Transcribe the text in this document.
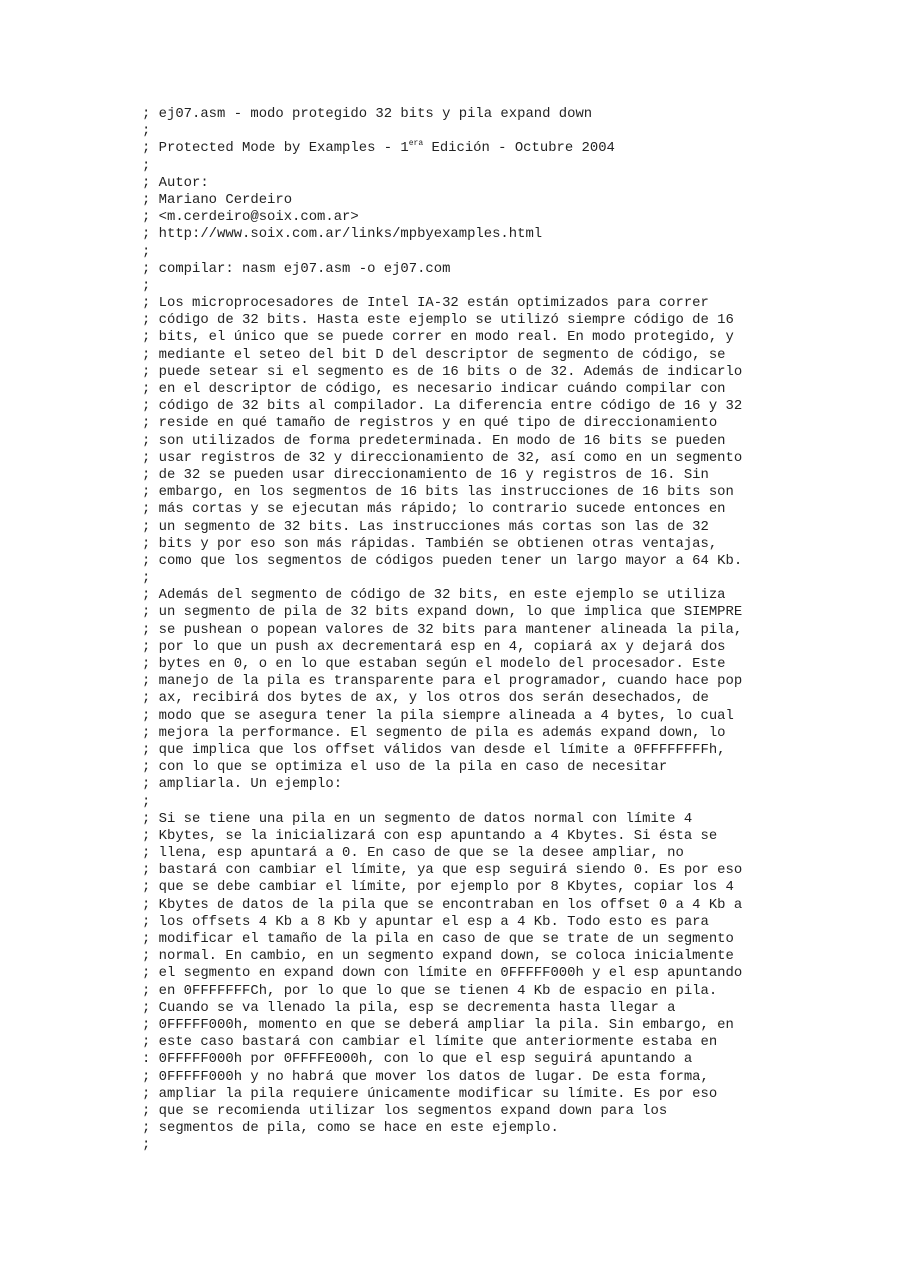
; ej07.asm - modo protegido 32 bits y pila expand down
;
; Protected Mode by Examples - $1^{era}$ Edición - Octubre 2004
;
; Autor:
; Mariano Cerdeiro
; <m.cerdeiro@soix.com.ar>
; http://www.soix.com.ar/links/mpbyexamples.html
;
; compilar: nasm ej07.asm -o ej07.com
;
; Los microprocesadores de Intel IA-32 están optimizados para correr
; código de 32 bits. Hasta este ejemplo se utilizó siempre código de 16
; bits, el único que se puede correr en modo real. En modo protegido, y
; mediante el seteo del bit D del descriptor de segmento de código, se
; puede setear si el segmento es de 16 bits o de 32. Además de indicarlo
; en el descriptor de código, es necesario indicar cuándo compilar con
; código de 32 bits al compilador. La diferencia entre código de 16 y 32
; reside en qué tamaño de registros y en qué tipo de direccionamiento
; son utilizados de forma predeterminada. En modo de 16 bits se pueden
; usar registros de 32 y direccionamiento de 32, así como en un segmento
; de 32 se pueden usar direccionamiento de 16 y registros de 16. Sin
; embargo, en los segmentos de 16 bits las instrucciones de 16 bits son
; más cortas y se ejecutan más rápido; lo contrario sucede entonces en
; un segmento de 32 bits. Las instrucciones más cortas son las de 32
; bits y por eso son más rápidas. También se obtienen otras ventajas,
; como que los segmentos de códigos pueden tener un largo mayor a 64 Kb.
;
; Además del segmento de código de 32 bits, en este ejemplo se utiliza
; un segmento de pila de 32 bits expand down, lo que implica que SIEMPRE
; se pushean o popean valores de 32 bits para mantener alineada la pila,
; por lo que un push ax decrementará esp en 4, copiará ax y dejará dos
; bytes en 0, o en lo que estaban según el modelo del procesador. Este
; manejo de la pila es transparente para el programador, cuando hace pop
; ax, recibirá dos bytes de ax, y los otros dos serán desechados, de
; modo que se asegura tener la pila siempre alineada a 4 bytes, lo cual
; mejora la performance. El segmento de pila es además expand down, lo
; que implica que los offset válidos van desde el límite a 0FFFFFFFFh,
; con lo que se optimiza el uso de la pila en caso de necesitar
; ampliarla. Un ejemplo:
;
; Si se tiene una pila en un segmento de datos normal con límite 4
; Kbytes, se la inicializará con esp apuntando a 4 Kbytes. Si ésta se
; llena, esp apuntará a 0. En caso de que se la desee ampliar, no
; bastará con cambiar el límite, ya que esp seguirá siendo 0. Es por eso
; que se debe cambiar el límite, por ejemplo por 8 Kbytes, copiar los 4
; Kbytes de datos de la pila que se encontraban en los offset 0 a 4 Kb a
; los offsets 4 Kb a 8 Kb y apuntar el esp a 4 Kb. Todo esto es para
; modificar el tamaño de la pila en caso de que se trate de un segmento
; normal. En cambio, en un segmento expand down, se coloca inicialmente
; el segmento en expand down con límite en 0FFFFF000h y el esp apuntando
; en 0FFFFFFFCh, por lo que lo que se tienen 4 Kb de espacio en pila.
; Cuando se va llenado la pila, esp se decrementa hasta llegar a
; 0FFFFF000h, momento en que se deberá ampliar la pila. Sin embargo, en
; este caso bastará con cambiar el límite que anteriormente estaba en
: 0FFFFF000h por 0FFFFE000h, con lo que el esp seguirá apuntando a
; 0FFFFF000h y no habrá que mover los datos de lugar. De esta forma,
; ampliar la pila requiere únicamente modificar su límite. Es por eso
; que se recomienda utilizar los segmentos expand down para los
; segmentos de pila, como se hace en este ejemplo.
;
